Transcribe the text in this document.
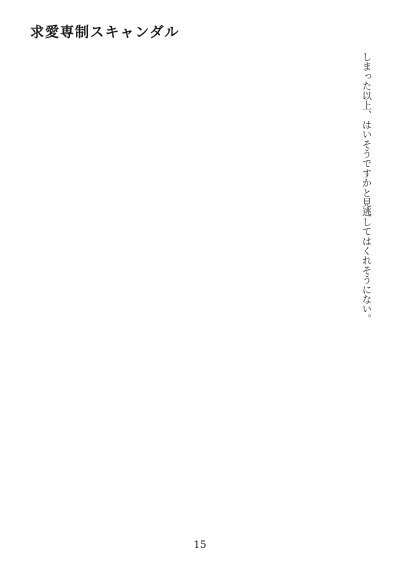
求愛専制スキャンダル
しまった以上、はいそうですかと見逃してはくれそうにない。
15
